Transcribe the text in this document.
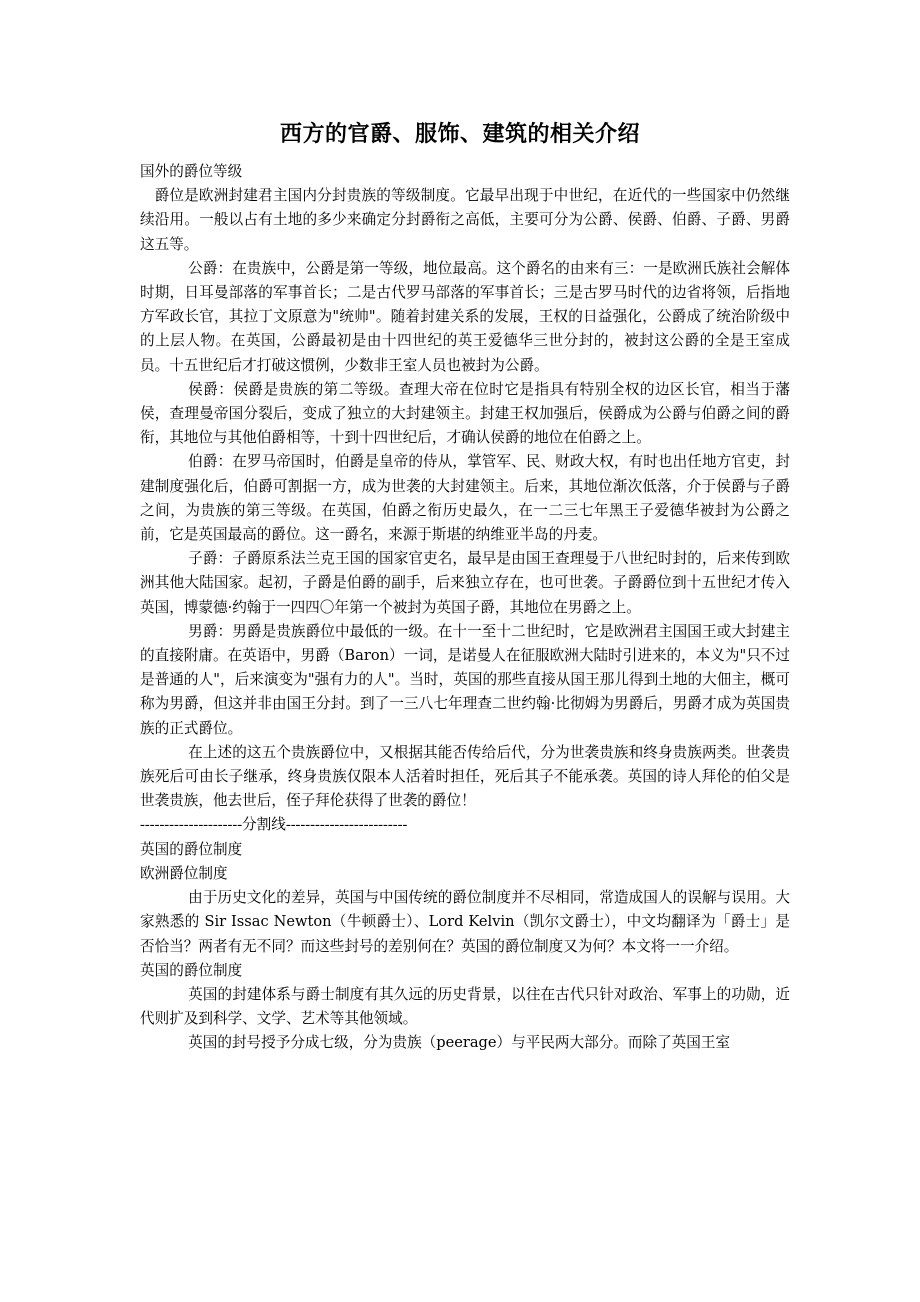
西方的官爵、服饰、建筑的相关介绍

国外的爵位等级

爵位是欧洲封建君主国内分封贵族的等级制度。它最早出现于中世纪，在近代的一些国家中仍然继续沿用。一般以占有土地的多少来确定分封爵衔之高低，主要可分为公爵、侯爵、伯爵、子爵、男爵这五等。

公爵：在贵族中，公爵是第一等级，地位最高。这个爵名的由来有三：一是欧洲氏族社会解体时期，日耳曼部落的军事首长；二是古代罗马部落的军事首长；三是古罗马时代的边省将领，后指地方军政长官，其拉丁文原意为"统帅"。随着封建关系的发展，王权的日益强化，公爵成了统治阶级中的上层人物。在英国，公爵最初是由十四世纪的英王爱德华三世分封的，被封这公爵的全是王室成员。十五世纪后才打破这惯例，少数非王室人员也被封为公爵。

侯爵：侯爵是贵族的第二等级。查理大帝在位时它是指具有特别全权的边区长官，相当于藩侯，查理曼帝国分裂后，变成了独立的大封建领主。封建王权加强后，侯爵成为公爵与伯爵之间的爵衔，其地位与其他伯爵相等，十到十四世纪后，才确认侯爵的地位在伯爵之上。

伯爵：在罗马帝国时，伯爵是皇帝的侍从，掌管军、民、财政大权，有时也出任地方官吏，封建制度强化后，伯爵可割据一方，成为世袭的大封建领主。后来，其地位渐次低落，介于侯爵与子爵之间，为贵族的第三等级。在英国，伯爵之衔历史最久，在一二三七年黑王子爱德华被封为公爵之前，它是英国最高的爵位。这一爵名，来源于斯堪的纳维亚半岛的丹麦。

子爵：子爵原系法兰克王国的国家官吏名，最早是由国王查理曼于八世纪时封的，后来传到欧洲其他大陆国家。起初，子爵是伯爵的副手，后来独立存在，也可世袭。子爵爵位到十五世纪才传入英国，博蒙德·约翰于一四四〇年第一个被封为英国子爵，其地位在男爵之上。

男爵：男爵是贵族爵位中最低的一级。在十一至十二世纪时，它是欧洲君主国国王或大封建主的直接附庸。在英语中，男爵（Baron）一词，是诺曼人在征服欧洲大陆时引进来的，本义为"只不过是普通的人"，后来演变为"强有力的人"。当时，英国的那些直接从国王那儿得到土地的大佃主，概可称为男爵，但这并非由国王分封。到了一三八七年理查二世约翰·比彻姆为男爵后，男爵才成为英国贵族的正式爵位。

在上述的这五个贵族爵位中，又根据其能否传给后代，分为世袭贵族和终身贵族两类。世袭贵族死后可由长子继承，终身贵族仅限本人活着时担任，死后其子不能承袭。英国的诗人拜伦的伯父是世袭贵族，他去世后，侄子拜伦获得了世袭的爵位！

---------------------分割线-------------------------

英国的爵位制度

欧洲爵位制度

由于历史文化的差异，英国与中国传统的爵位制度并不尽相同，常造成国人的误解与误用。大家熟悉的 Sir Issac Newton（牛顿爵士）、Lord Kelvin（凯尔文爵士），中文均翻译为「爵士」是否恰当？两者有无不同？而这些封号的差别何在？英国的爵位制度又为何？本文将一一介绍。

英国的爵位制度

英国的封建体系与爵士制度有其久远的历史背景，以往在古代只针对政治、军事上的功勋，近代则扩及到科学、文学、艺术等其他领域。

英国的封号授予分成七级，分为贵族（peerage）与平民两大部分。而除了英国王室
